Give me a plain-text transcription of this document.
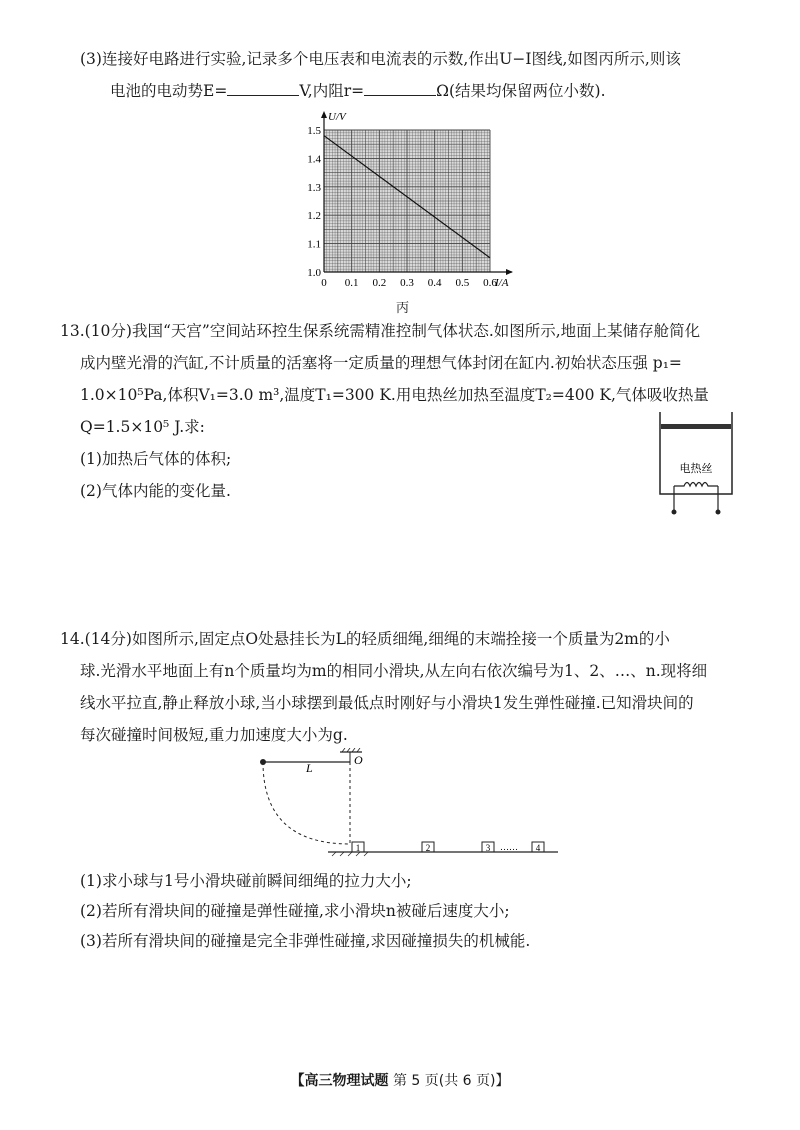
(3)连接好电路进行实验,记录多个电压表和电流表的示数,作出U−I图线,如图丙所示,则该
电池的电动势E=	V,内阻r=	Ω(结果均保留两位小数).
1.0
1.1
1.2
1.3
1.4
1.5
0 0.1 0.2 0.3 0.4 0.5 0.6
U/V
I/A
丙
13.(10分)我国“天宫”空间站环控生保系统需精准控制气体状态.如图所示,地面上某储存舱简化
成内壁光滑的汽缸,不计质量的活塞将一定质量的理想气体封闭在缸内.初始状态压强 p₁=
1.0×10⁵Pa,体积V₁=3.0 m³,温度T₁=300 K.用电热丝加热至温度T₂=400 K,气体吸收热量
Q=1.5×10⁵ J.求:
(1)加热后气体的体积;
(2)气体内能的变化量.
电热丝
14.(14分)如图所示,固定点O处悬挂长为L的轻质细绳,细绳的末端拴接一个质量为2m的小
球.光滑水平地面上有n个质量均为m的相同小滑块,从左向右依次编号为1、2、…、n.现将细
线水平拉直,静止释放小球,当小球摆到最低点时刚好与小滑块1发生弹性碰撞.已知滑块间的
每次碰撞时间极短,重力加速度大小为g.
L
O
1	2	3 …… 4
(1)求小球与1号小滑块碰前瞬间细绳的拉力大小;
(2)若所有滑块间的碰撞是弹性碰撞,求小滑块n被碰后速度大小;
(3)若所有滑块间的碰撞是完全非弹性碰撞,求因碰撞损失的机械能.
【高三物理试题 第 5 页(共 6 页)】
